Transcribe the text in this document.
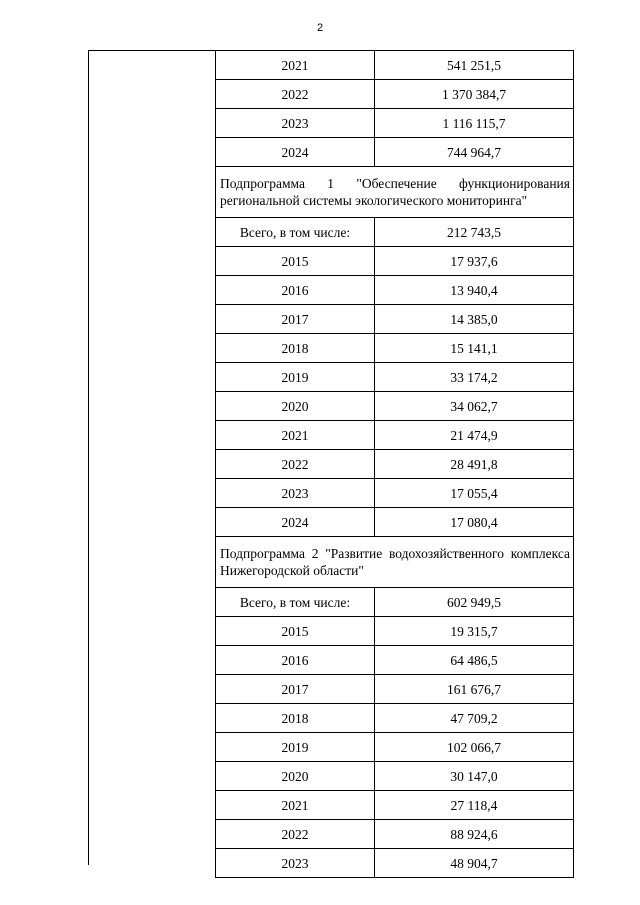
2
2021	541 251,5
2022	1 370 384,7
2023	1 116 115,7
2024	744 964,7
Подпрограмма 1 "Обеспечение функционирования региональной системы экологического мониторинга"	
Всего, в том числе:	212 743,5
2015	17 937,6
2016	13 940,4
2017	14 385,0
2018	15 141,1
2019	33 174,2
2020	34 062,7
2021	21 474,9
2022	28 491,8
2023	17 055,4
2024	17 080,4
Подпрограмма 2 "Развитие водохозяйственного комплекса Нижегородской области"	
Всего, в том числе:	602 949,5
2015	19 315,7
2016	64 486,5
2017	161 676,7
2018	47 709,2
2019	102 066,7
2020	30 147,0
2021	27 118,4
2022	88 924,6
2023	48 904,7
